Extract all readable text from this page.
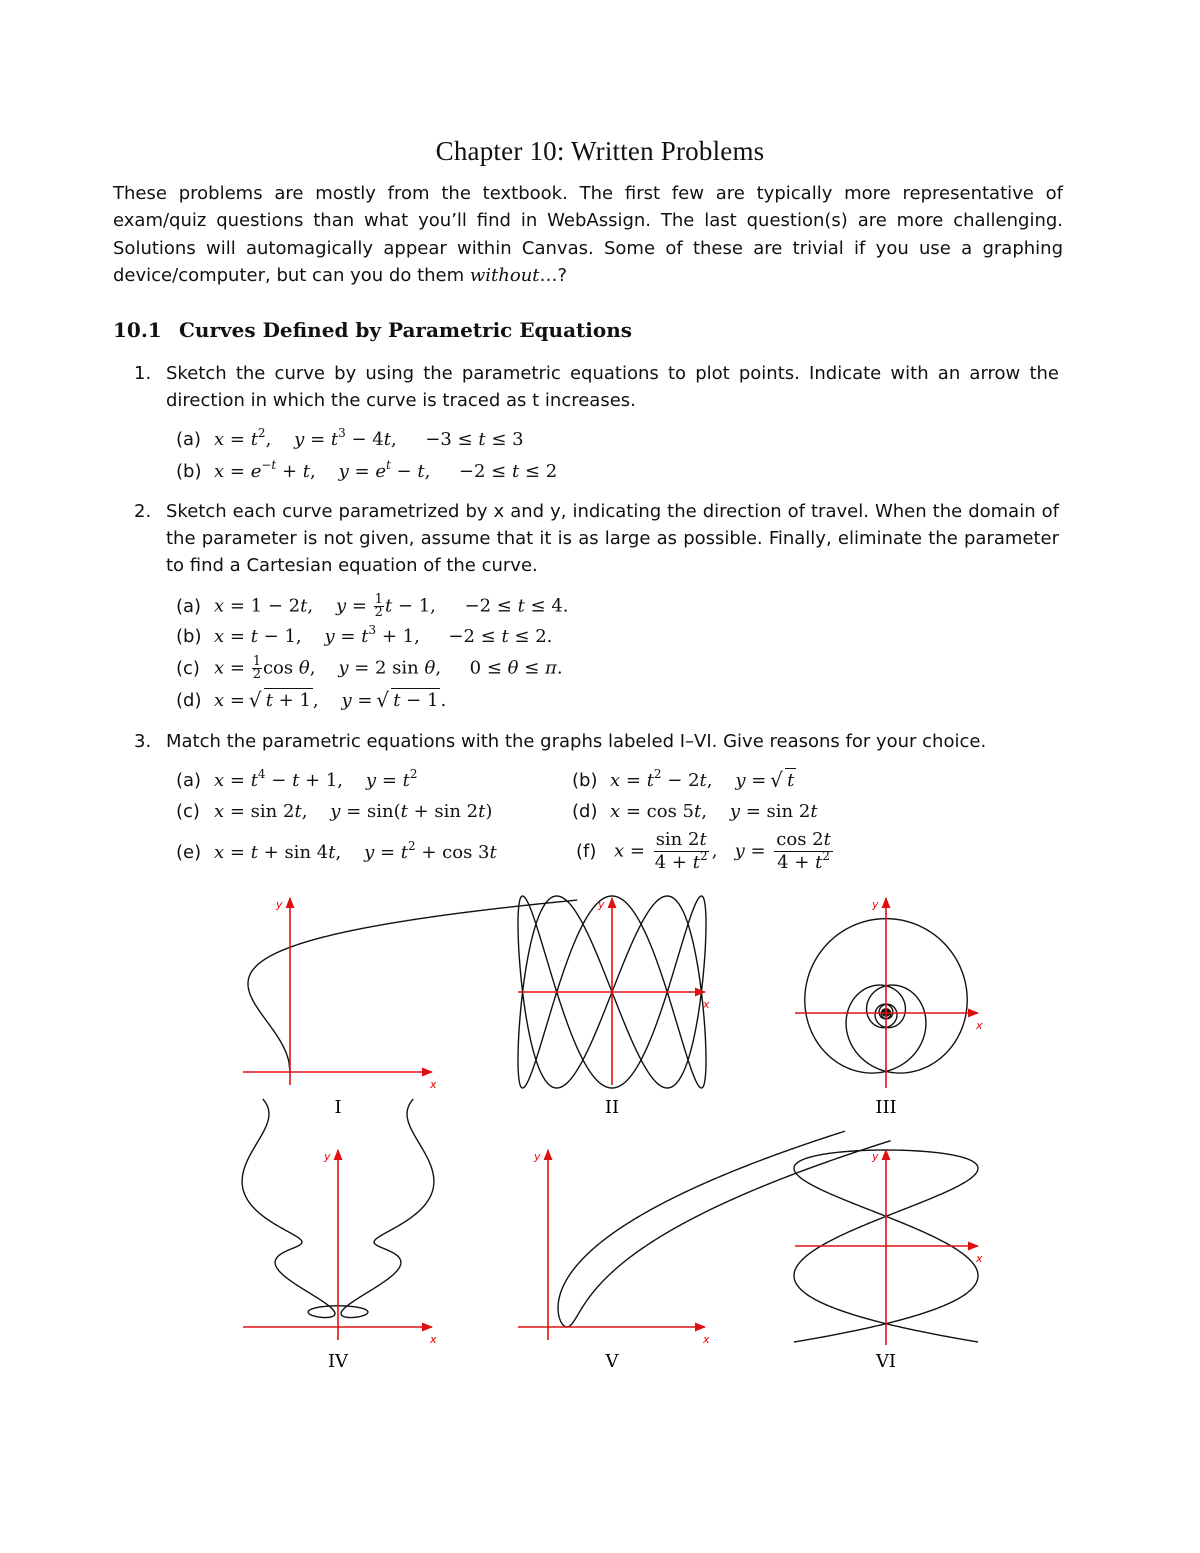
Chapter 10: Written Problems

These problems are mostly from the textbook. The first few are typically more representative of exam/quiz questions than what you’ll find in WebAssign. The last question(s) are more challenging. Solutions will automagically appear within Canvas. Some of these are trivial if you use a graphing device/computer, but can you do them without…?

10.1 Curves Defined by Parametric Equations
1. Sketch the curve by using the parametric equations to plot points. Indicate with an arrow the direction in which the curve is traced as t increases.
(a) $x = t^2$,    $y = t^3 - 4t$,     −3 ≤ t ≤ 3
(b) $x = e^{-t} + t$,    $y = e^t - t$,     −2 ≤ t ≤ 2
2. Sketch each curve parametrized by x and y, indicating the direction of travel. When the domain of the parameter is not given, assume that it is as large as possible. Finally, eliminate the parameter to find a Cartesian equation of the curve.
(a) x = 1 − 2t,    $y = \frac{1}{2}$ t − 1,     −2 ≤ t ≤ 4.
(b) x = t − 1,    $y = t^3 + 1$,     −2 ≤ t ≤ 2.
(c) $x = \frac{1}{2}$ cos θ,    y = 2 sin θ,     0 ≤ θ ≤ π.
(d) x = √ t + 1 ,    y = √ t − 1 .
3. Match the parametric equations with the graphs labeled I–VI. Give reasons for your choice.
(a) $x = t^4 - t + 1$,    $y = t^2$	(b) $x = t^2 - 2t$,    y = √ t
(c) x = sin 2t,    y = sin(t + sin 2t)	(d) x = cos 5t,    y = sin 2t
(e) x = t + sin 4t,    $y = t^2 + \cos 3t$	(f) $x = \frac{\sin 2t}{4 + t^2}$ ,   $y = \frac{\cos 2t}{4 + t^2}$
x
y
x
y
x
y
x
y
x
y
x
y
I	II	III
IV	V	VI
